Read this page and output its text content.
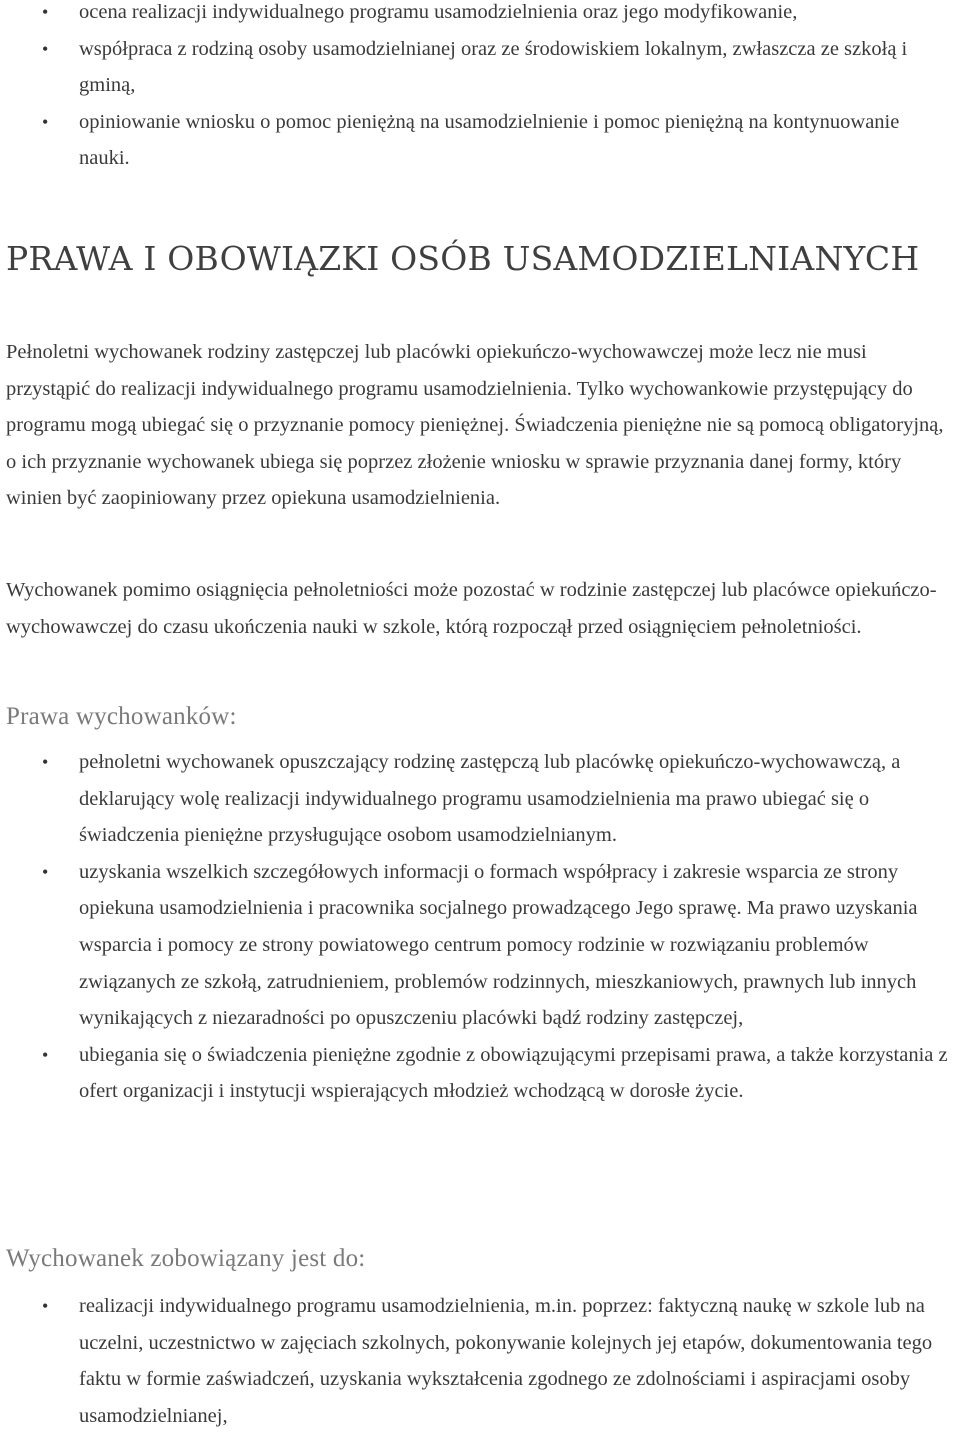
• ocena realizacji indywidualnego programu usamodzielnienia oraz jego modyfikowanie,
• współpraca z rodziną osoby usamodzielnianej oraz ze środowiskiem lokalnym, zwłaszcza ze szkołą i gminą,
• opiniowanie wniosku o pomoc pieniężną na usamodzielnienie i pomoc pieniężną na kontynuowanie nauki.
PRAWA I OBOWIĄZKI OSÓB USAMODZIELNIANYCH

Pełnoletni wychowanek rodziny zastępczej lub placówki opiekuńczo-wychowawczej może lecz nie musi przystąpić do realizacji indywidualnego programu usamodzielnienia. Tylko wychowankowie przystępujący do programu mogą ubiegać się o przyznanie pomocy pieniężnej. Świadczenia pieniężne nie są pomocą obligatoryjną, o ich przyznanie wychowanek ubiega się poprzez złożenie wniosku w sprawie przyznania danej formy, który winien być zaopiniowany przez opiekuna usamodzielnienia.

Wychowanek pomimo osiągnięcia pełnoletniości może pozostać w rodzinie zastępczej lub placówce opiekuńczo-wychowawczej do czasu ukończenia nauki w szkole, którą rozpoczął przed osiągnięciem pełnoletniości.

Prawa wychowanków:
• pełnoletni wychowanek opuszczający rodzinę zastępczą lub placówkę opiekuńczo-wychowawczą, a deklarujący wolę realizacji indywidualnego programu usamodzielnienia ma prawo ubiegać się o świadczenia pieniężne przysługujące osobom usamodzielnianym.
• uzyskania wszelkich szczegółowych informacji o formach współpracy i zakresie wsparcia ze strony opiekuna usamodzielnienia i pracownika socjalnego prowadzącego Jego sprawę. Ma prawo uzyskania wsparcia i pomocy ze strony powiatowego centrum pomocy rodzinie w rozwiązaniu problemów związanych ze szkołą, zatrudnieniem, problemów rodzinnych, mieszkaniowych, prawnych lub innych wynikających z niezaradności po opuszczeniu placówki bądź rodziny zastępczej,
• ubiegania się o świadczenia pieniężne zgodnie z obowiązującymi przepisami prawa, a także korzystania z ofert organizacji i instytucji wspierających młodzież wchodzącą w dorosłe życie.
Wychowanek zobowiązany jest do:
• realizacji indywidualnego programu usamodzielnienia, m.in. poprzez: faktyczną naukę w szkole lub na uczelni, uczestnictwo w zajęciach szkolnych, pokonywanie kolejnych jej etapów, dokumentowania tego faktu w formie zaświadczeń, uzyskania wykształcenia zgodnego ze zdolnościami i aspiracjami osoby usamodzielnianej,
